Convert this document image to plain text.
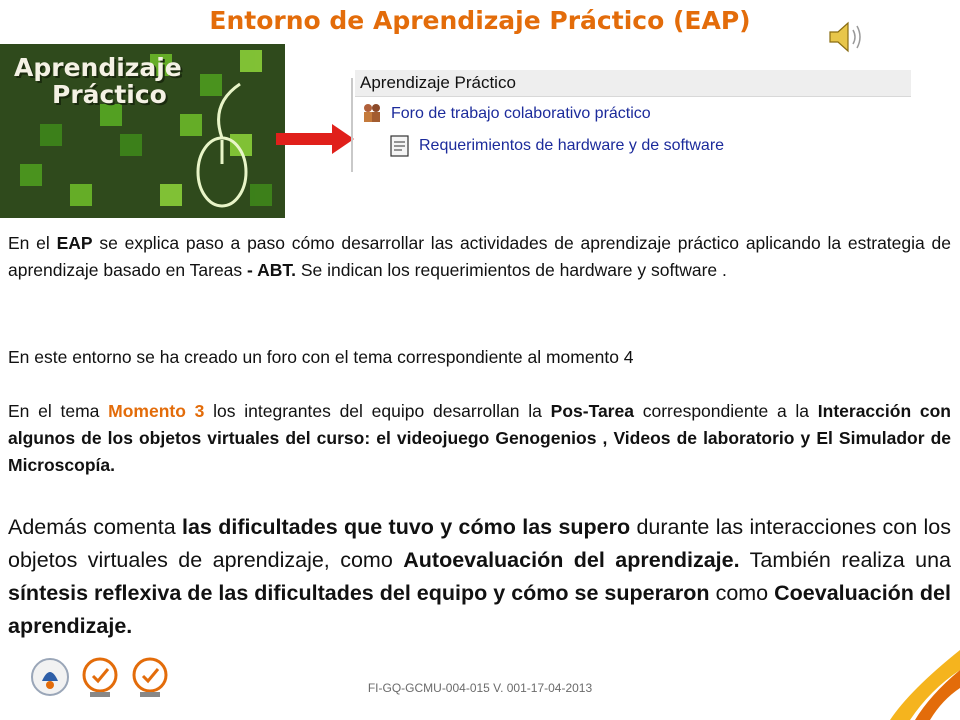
Entorno de Aprendizaje Práctico (EAP)
Aprendizaje
Práctico	Aprendizaje Práctico
Foro de trabajo colaborativo práctico
Requerimientos de hardware y de software
En el EAP se explica paso a paso cómo desarrollar las actividades de aprendizaje práctico aplicando la estrategia de aprendizaje basado en Tareas - ABT. Se indican los requerimientos de hardware y software .
En este entorno se ha creado un foro con el tema correspondiente al momento 4
En el tema Momento 3 los integrantes del equipo desarrollan la Pos-Tarea correspondiente a la Interacción con algunos de los objetos virtuales del curso: el videojuego Genogenios , Videos de laboratorio y El Simulador de Microscopía.
Además comenta las dificultades que tuvo y cómo las supero durante las interacciones con los objetos virtuales de aprendizaje, como Autoevaluación del aprendizaje. También realiza una síntesis reflexiva de las dificultades del equipo y cómo se superaron como Coevaluación del aprendizaje.
FI-GQ-GCMU-004-015 V. 001-17-04-2013
